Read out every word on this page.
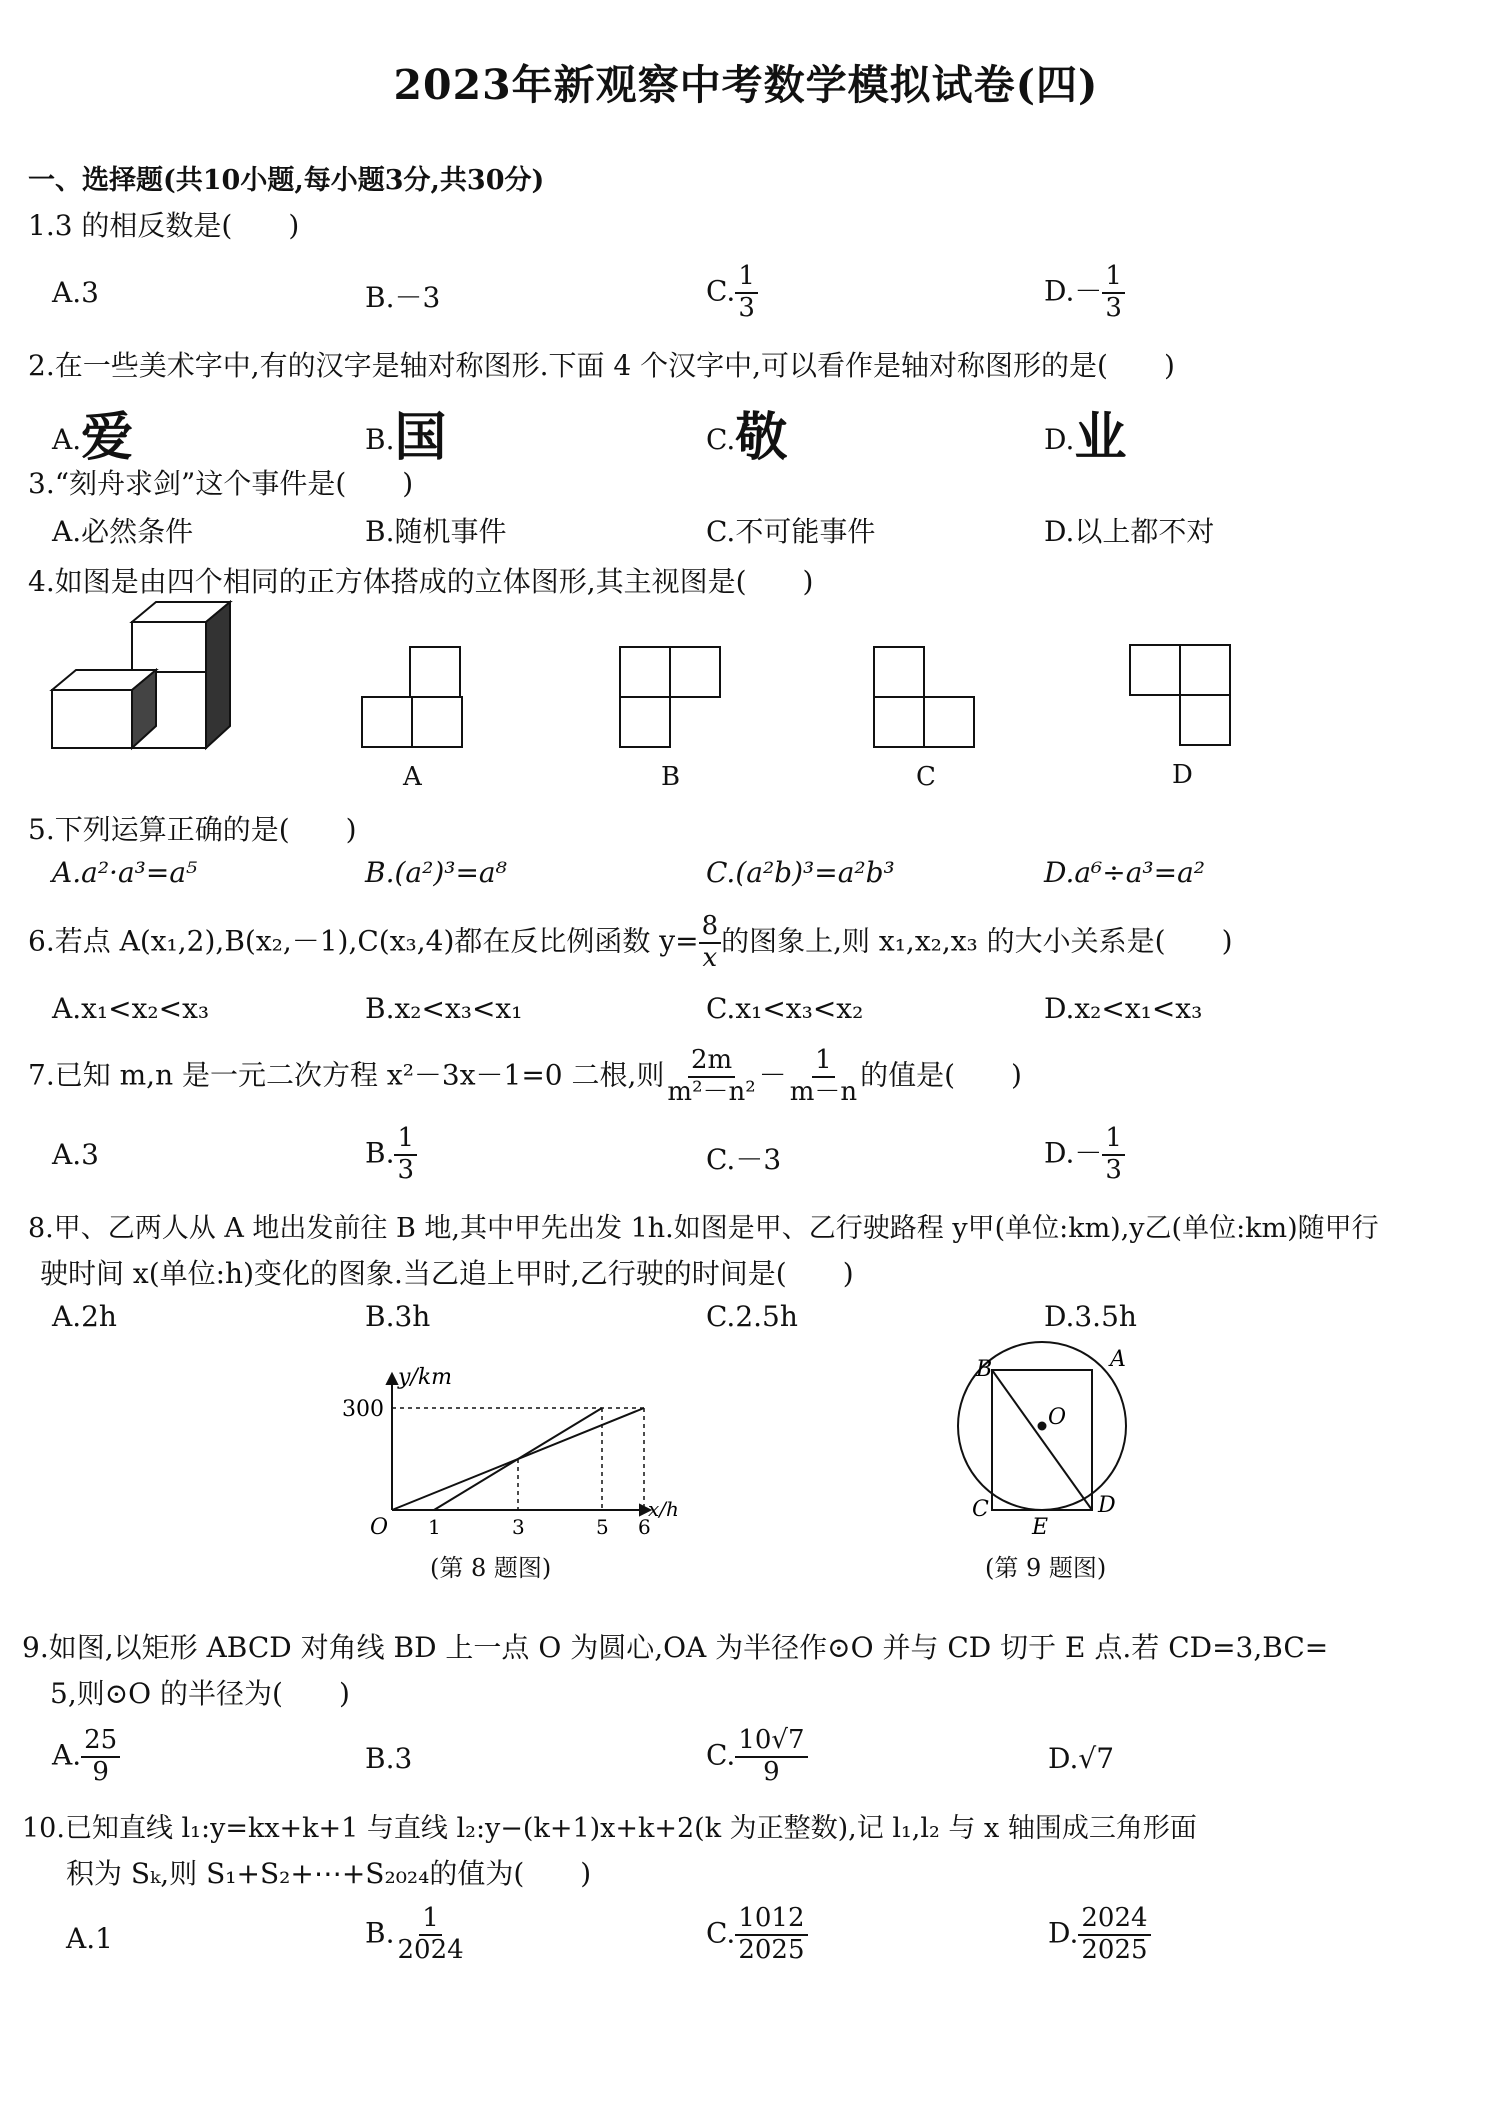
2023年新观察中考数学模拟试卷(四)
一、选择题(共10小题,每小题3分,共30分)
1.3 的相反数是(　　)
A.3	B.－3	C. $\frac{1}{3}$	$D.- \frac{1}{3}$
2.在一些美术字中,有的汉字是轴对称图形.下面 4 个汉字中,可以看作是轴对称图形的是(　　)
A.爱	B.国	C.敬	D.业
3.“刻舟求剑”这个事件是(　　)
A.必然条件	B.随机事件	C.不可能事件	D.以上都不对
4.如图是由四个相同的正方体搭成的立体图形,其主视图是(　　)
A	B	C	D
5.下列运算正确的是(　　)
A.a²·a³=a⁵	B.(a²)³=a⁸	C.(a²b)³=a²b³	D.a⁶÷a³=a²
6.若点 A(x₁,2),B(x₂,－1),C(x₃,4)都在反比例函数 $y= \frac{8}{x}$ 的图象上,则 x₁,x₂,x₃ 的大小关系是(　　)
A.x₁<x₂<x₃	B.x₂<x₃<x₁	C.x₁<x₃<x₂	D.x₂<x₁<x₃
7.已知 m,n 是一元二次方程 x²－3x－1=0 二根,则 $\frac{2m}{\text{m²－n²}} - \frac{1}{m-n}$ 的值是(　　)
A.3	B. $\frac{1}{3}$	C.－3	$D.- \frac{1}{3}$
8.甲、乙两人从 A 地出发前往 B 地,其中甲先出发 1h.如图是甲、乙行驶路程 y甲(单位:km),y乙(单位:km)随甲行
驶时间 x(单位:h)变化的图象.当乙追上甲时,乙行驶的时间是(　　)
A.2h	B.3h	C.2.5h	D.3.5h
y/km
300
O 1	3	5 6
x/h
(第 8 题图)
B	A
O
C	D
E
(第 9 题图)
9.如图,以矩形 ABCD 对角线 BD 上一点 O 为圆心,OA 为半径作⊙O 并与 CD 切于 E 点.若 CD=3,BC=
5,则⊙O 的半径为(　　)
A. $\frac{25}{9}$	B.3	C. $\frac{10√7}{9}$	D.√7
10.已知直线 l₁:y=kx+k+1 与直线 l₂:y−(k+1)x+k+2(k 为正整数),记 l₁,l₂ 与 x 轴围成三角形面
积为 Sₖ,则 S₁+S₂+⋯+S₂₀₂₄的值为(　　)
A.1	B. $\frac{1}{2024}$	C. $\frac{1012}{2025}$	D. $\frac{2024}{2025}$
